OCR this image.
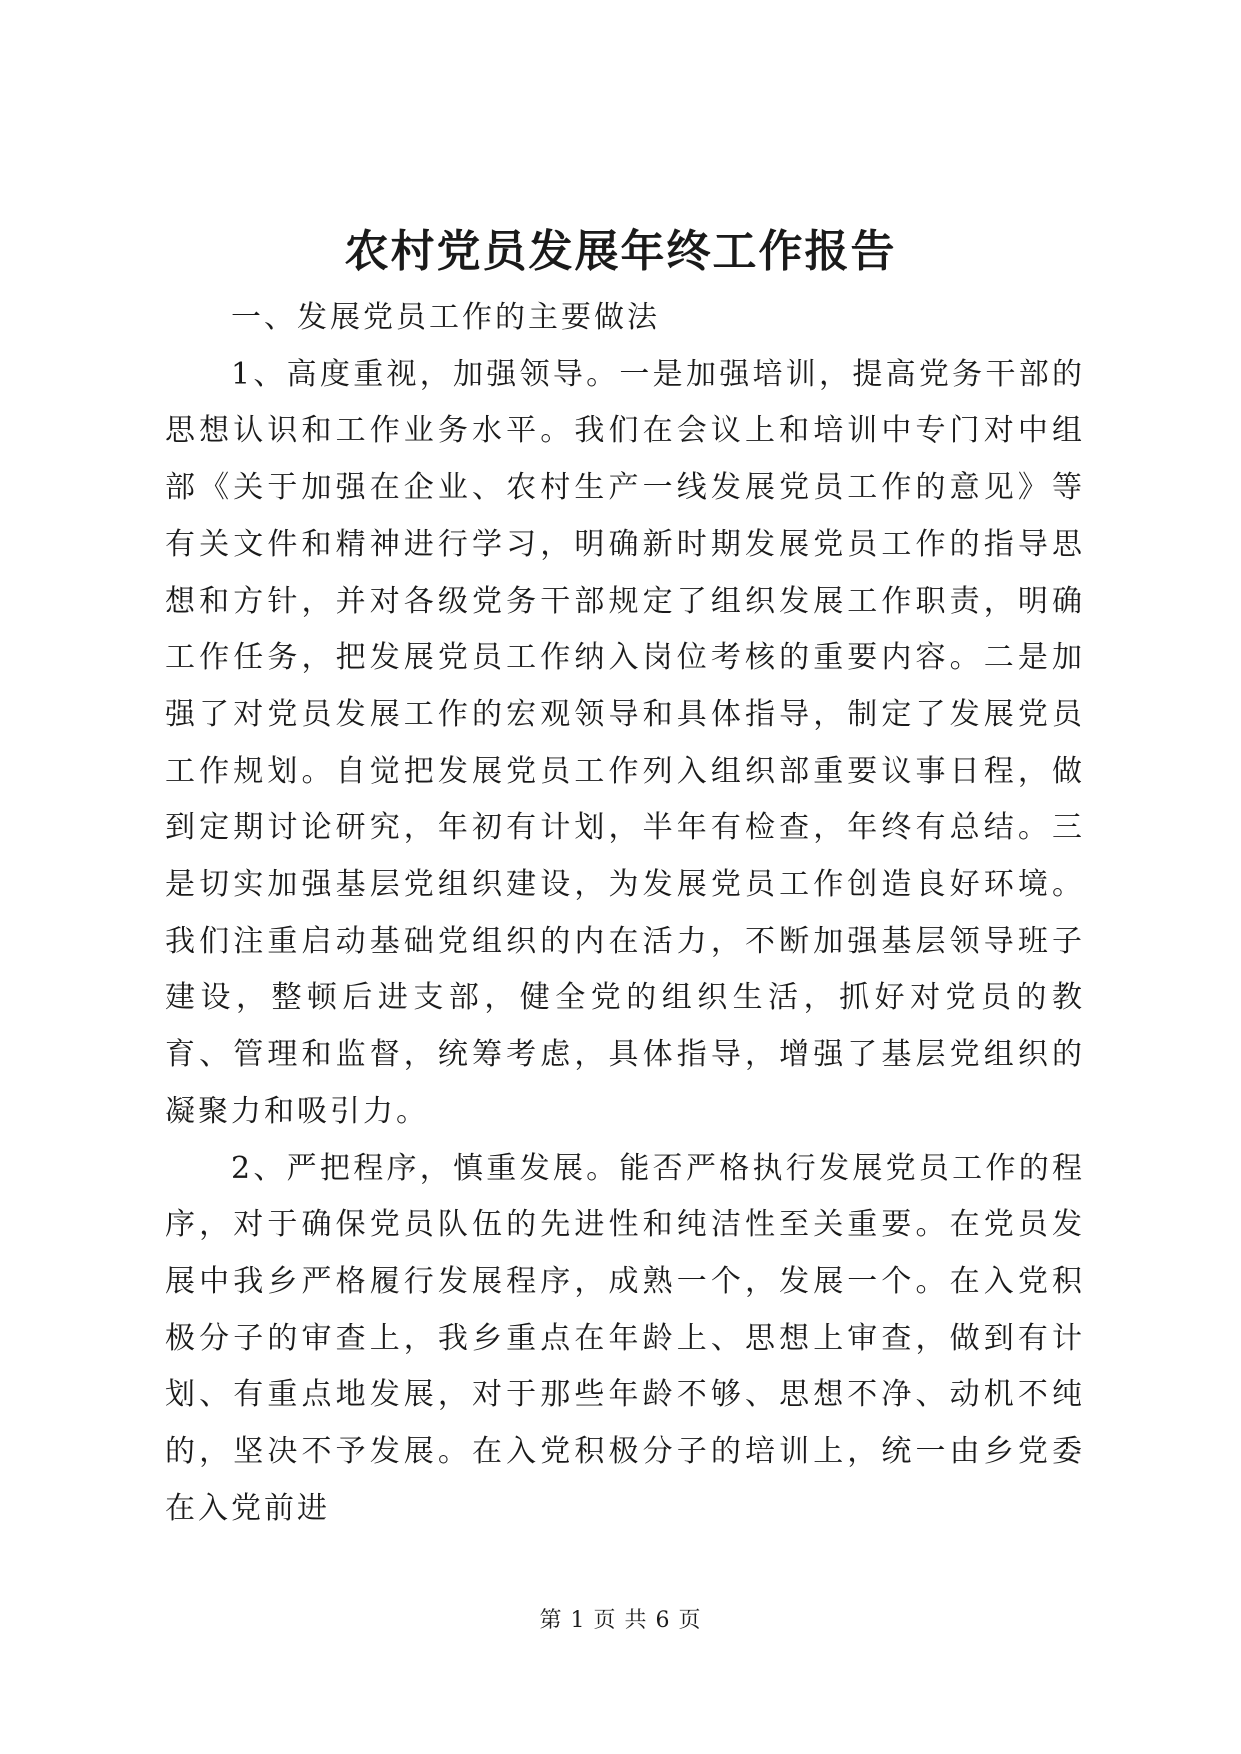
农村党员发展年终工作报告
一、发展党员工作的主要做法

1、高度重视，加强领导。一是加强培训，提高党务干部的思想认识和工作业务水平。我们在会议上和培训中专门对中组部《关于加强在企业、农村生产一线发展党员工作的意见》等有关文件和精神进行学习，明确新时期发展党员工作的指导思想和方针，并对各级党务干部规定了组织发展工作职责，明确工作任务，把发展党员工作纳入岗位考核的重要内容。二是加强了对党员发展工作的宏观领导和具体指导，制定了发展党员工作规划。自觉把发展党员工作列入组织部重要议事日程，做到定期讨论研究，年初有计划，半年有检查，年终有总结。三是切实加强基层党组织建设，为发展党员工作创造良好环境。我们注重启动基础党组织的内在活力，不断加强基层领导班子建设，整顿后进支部，健全党的组织生活，抓好对党员的教育、管理和监督，统筹考虑，具体指导，增强了基层党组织的凝聚力和吸引力。

2、严把程序，慎重发展。能否严格执行发展党员工作的程序，对于确保党员队伍的先进性和纯洁性至关重要。在党员发展中我乡严格履行发展程序，成熟一个，发展一个。在入党积极分子的审查上，我乡重点在年龄上、思想上审查，做到有计划、有重点地发展，对于那些年龄不够、思想不净、动机不纯的，坚决不予发展。在入党积极分子的培训上，统一由乡党委在入党前进

第 1 页 共 6 页
